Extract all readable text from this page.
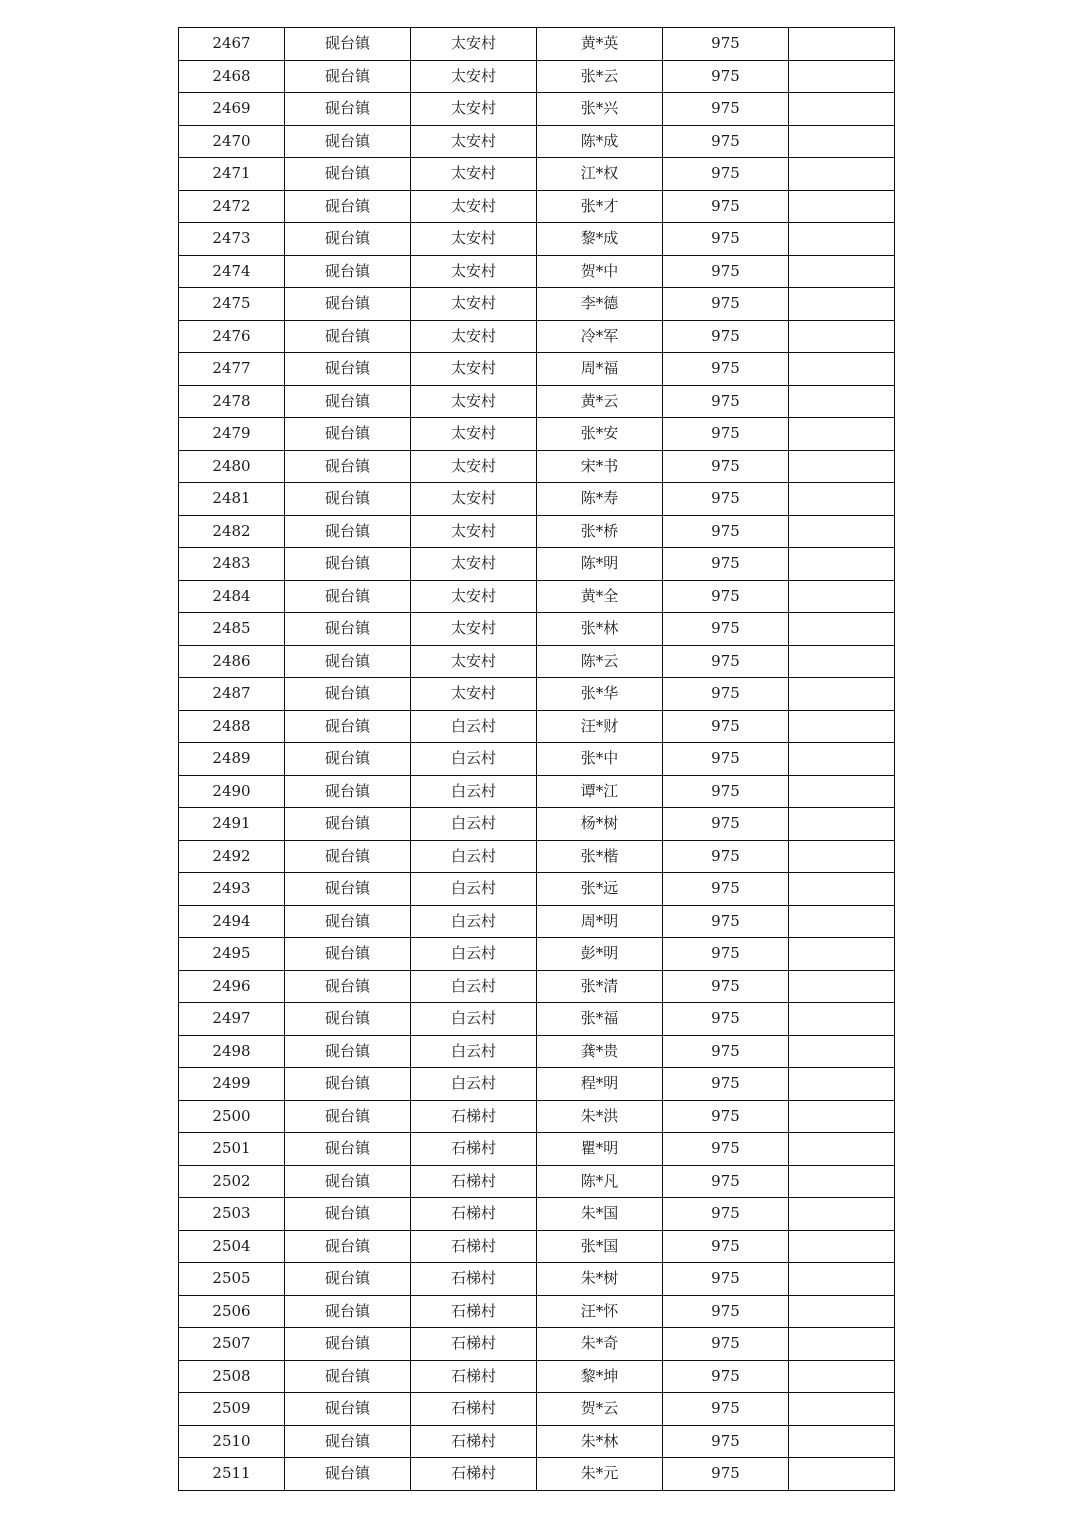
2467	砚台镇	太安村	黄*英	975	
2468	砚台镇	太安村	张*云	975	
2469	砚台镇	太安村	张*兴	975	
2470	砚台镇	太安村	陈*成	975	
2471	砚台镇	太安村	江*权	975	
2472	砚台镇	太安村	张*才	975	
2473	砚台镇	太安村	黎*成	975	
2474	砚台镇	太安村	贺*中	975	
2475	砚台镇	太安村	李*德	975	
2476	砚台镇	太安村	冷*军	975	
2477	砚台镇	太安村	周*福	975	
2478	砚台镇	太安村	黄*云	975	
2479	砚台镇	太安村	张*安	975	
2480	砚台镇	太安村	宋*书	975	
2481	砚台镇	太安村	陈*寿	975	
2482	砚台镇	太安村	张*桥	975	
2483	砚台镇	太安村	陈*明	975	
2484	砚台镇	太安村	黄*全	975	
2485	砚台镇	太安村	张*林	975	
2486	砚台镇	太安村	陈*云	975	
2487	砚台镇	太安村	张*华	975	
2488	砚台镇	白云村	汪*财	975	
2489	砚台镇	白云村	张*中	975	
2490	砚台镇	白云村	谭*江	975	
2491	砚台镇	白云村	杨*树	975	
2492	砚台镇	白云村	张*楷	975	
2493	砚台镇	白云村	张*远	975	
2494	砚台镇	白云村	周*明	975	
2495	砚台镇	白云村	彭*明	975	
2496	砚台镇	白云村	张*清	975	
2497	砚台镇	白云村	张*福	975	
2498	砚台镇	白云村	龚*贵	975	
2499	砚台镇	白云村	程*明	975	
2500	砚台镇	石梯村	朱*洪	975	
2501	砚台镇	石梯村	瞿*明	975	
2502	砚台镇	石梯村	陈*凡	975	
2503	砚台镇	石梯村	朱*国	975	
2504	砚台镇	石梯村	张*国	975	
2505	砚台镇	石梯村	朱*树	975	
2506	砚台镇	石梯村	汪*怀	975	
2507	砚台镇	石梯村	朱*奇	975	
2508	砚台镇	石梯村	黎*坤	975	
2509	砚台镇	石梯村	贺*云	975	
2510	砚台镇	石梯村	朱*林	975	
2511	砚台镇	石梯村	朱*元	975	
